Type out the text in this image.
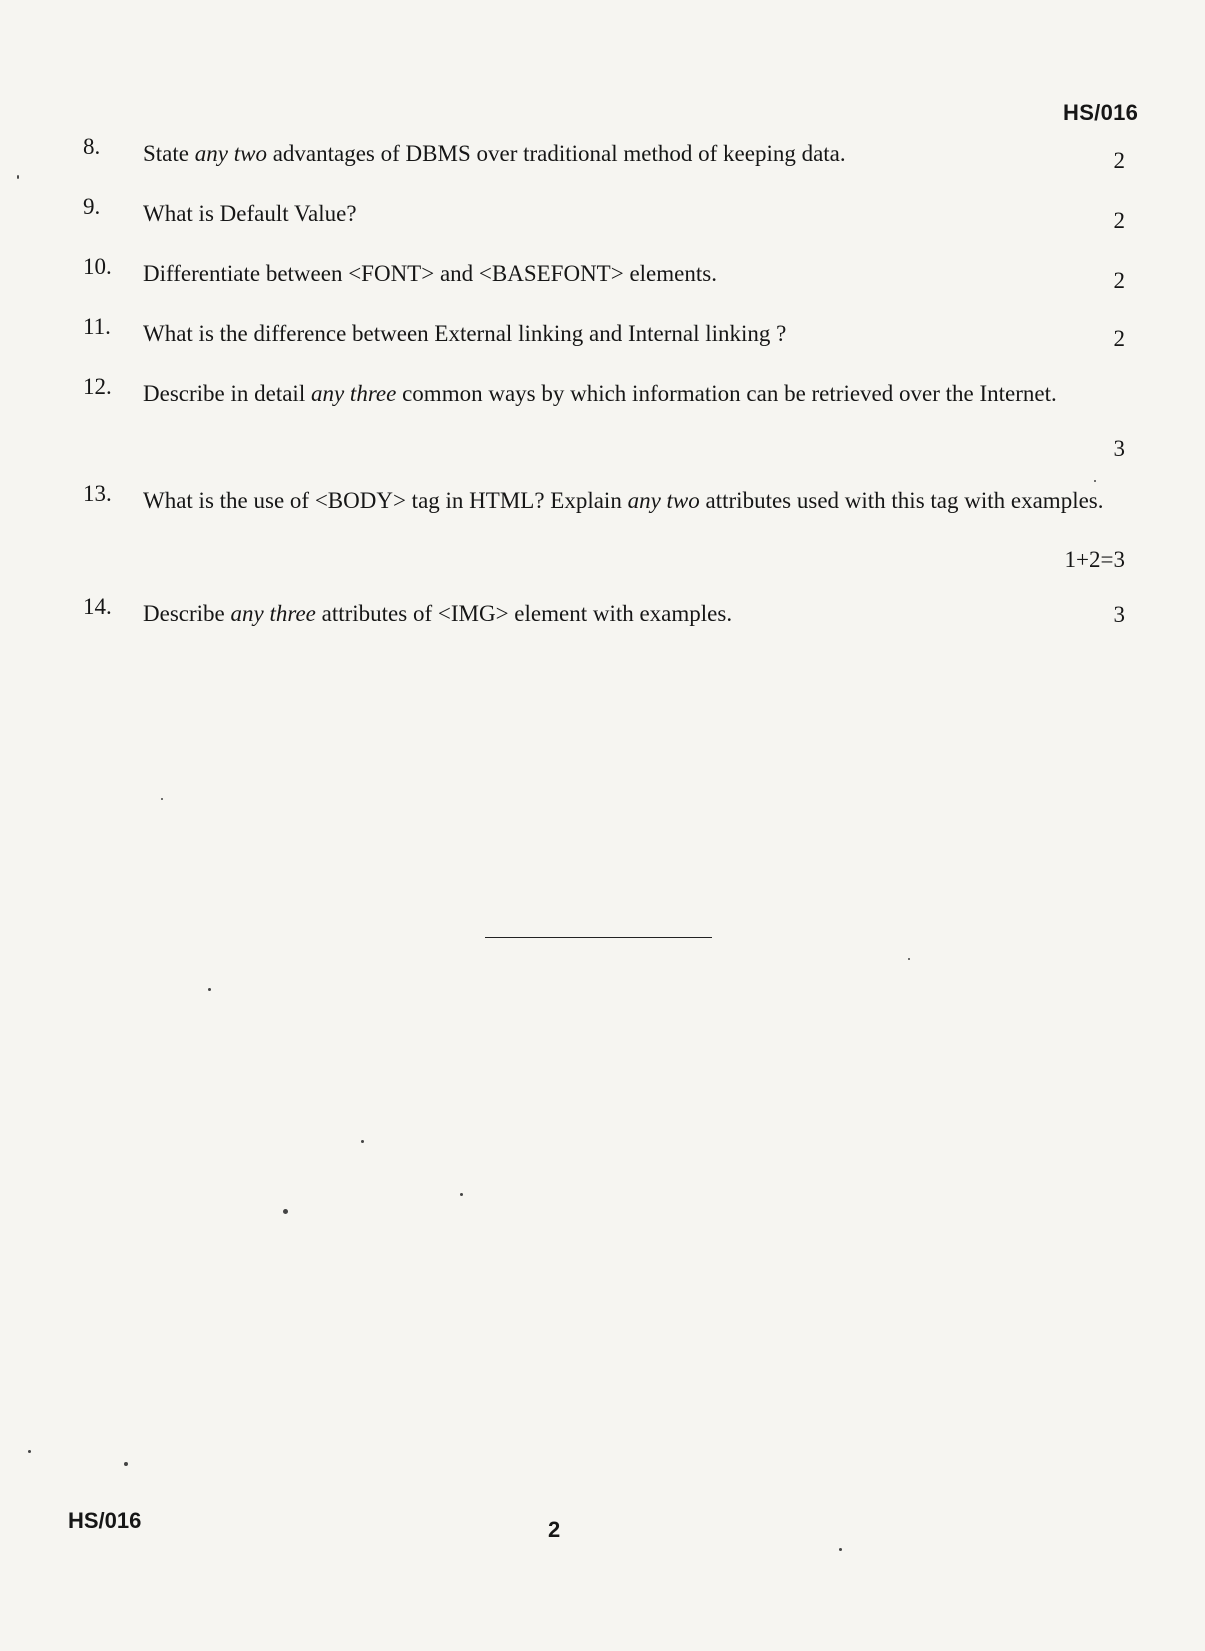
HS/016
8. State any two advantages of DBMS over traditional method of keeping data.	2
9. What is Default Value?	2
10. Differentiate between <FONT> and <BASEFONT> elements.	2
11. What is the difference between External linking and Internal linking ?	2
12. Describe in detail any three common ways by which information can be retrieved over the Internet.
3
13. What is the use of <BODY> tag in HTML? Explain any two attributes used with this tag with examples.
1+2=3
14. Describe any three attributes of <IMG> element with examples.	3
HS/016	2
